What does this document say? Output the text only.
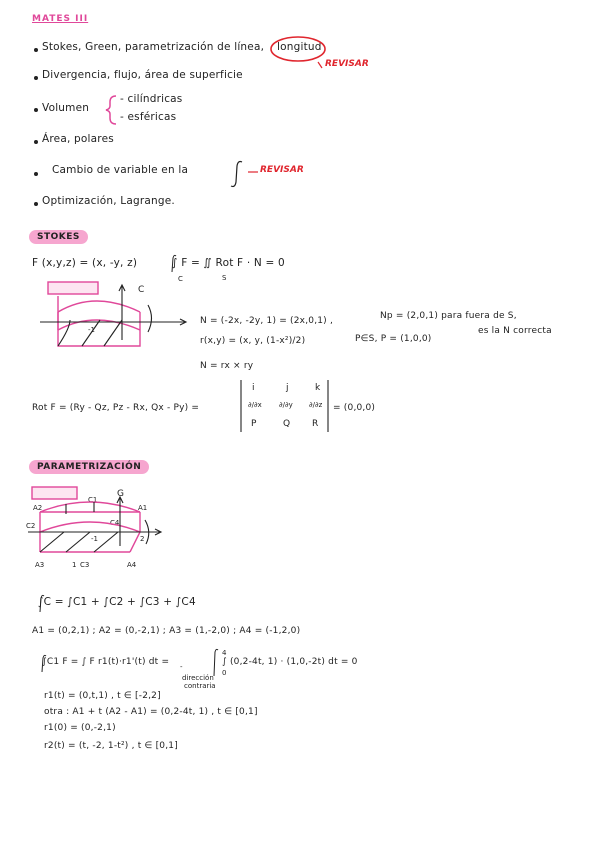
MATES III
Stokes, Green, parametrización de línea, longitud
REVISAR
Divergencia, flujo, área de superficie
Volumen
- cilíndricas
- esféricas
Área, polares
Cambio de variable en la	REVISAR
Optimización, Lagrange.
STOKES
F (x,y,z) = (x, -y, z)	∫ F = ∬ Rot F · N = 0
C	S
C
-1
N = (-2x, -2y, 1) = (2x,0,1) ,	Np = (2,0,1) para fuera de S,
es la N correcta
r(x,y) = (x, y, (1-x²)/2)	P∈S, P = (1,0,0)
N = rx × ry
Rot F = (Ry - Qz, Pz - Rx, Qx - Py) =
i	j	k
∂/∂x ∂/∂y ∂/∂z
P	Q R
= (0,0,0)
PARAMETRIZACIÓN
A2	A1
C1
G
C2	C4
-1	2
A3	1 C3	A4
∫C = ∫C1 + ∫C2 + ∫C3 + ∫C4
A1 = (0,2,1) ; A2 = (0,-2,1) ; A3 = (1,-2,0) ; A4 = (-1,2,0)
∫C1 F = ∫ F r1(t)·r1'(t) dt =
4
0
∫ (0,2-4t, 1) · (1,0,-2t) dt = 0
-
dirección
contraria
r1(t) = (0,t,1) , t ∈ [-2,2]
otra : A1 + t (A2 - A1) = (0,2-4t, 1) , t ∈ [0,1]
r1(0) = (0,-2,1)
r2(t) = (t, -2, 1-t²) , t ∈ [0,1]
